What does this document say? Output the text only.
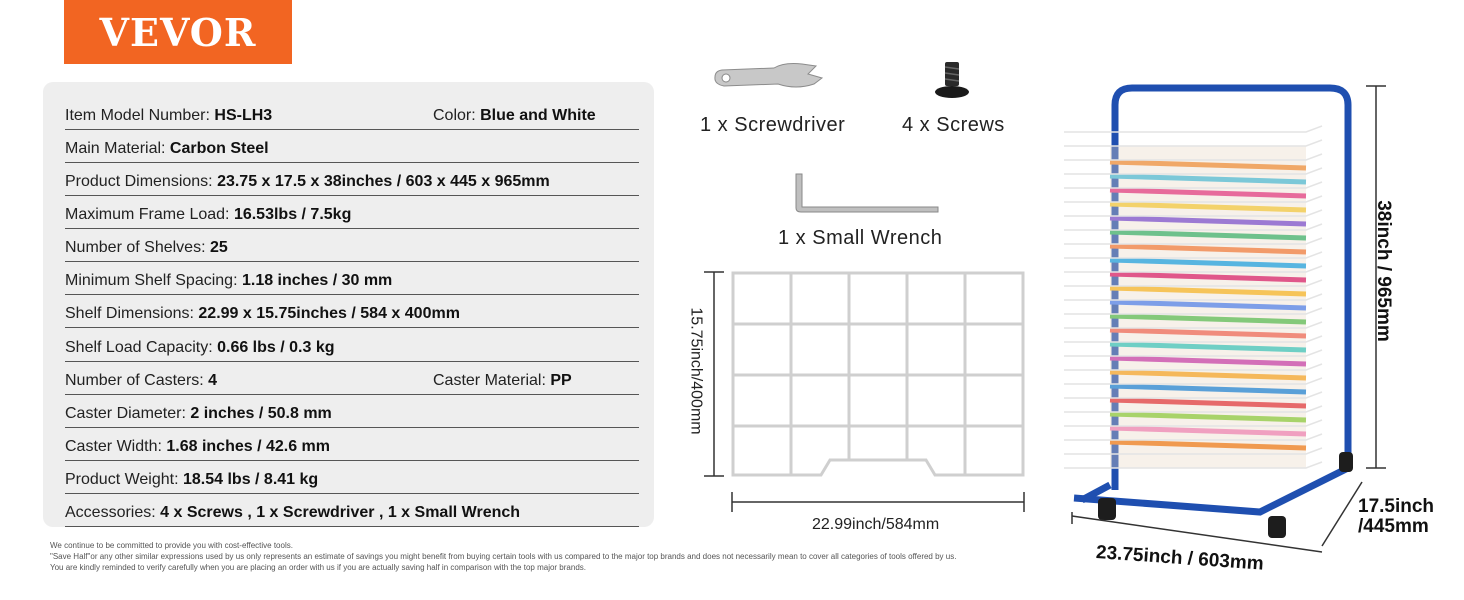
VEVOR
Item Model Number: HS-LH3	Color: Blue and White
Main Material: Carbon Steel
Product Dimensions: 23.75 x 17.5 x 38inches / 603 x 445 x 965mm
Maximum Frame Load: 16.53lbs / 7.5kg
Number of Shelves: 25
Minimum Shelf Spacing: 1.18 inches / 30 mm
Shelf Dimensions: 22.99 x 15.75inches / 584 x 400mm
Shelf Load Capacity: 0.66 lbs / 0.3 kg
Number of Casters: 4	Caster Material: PP
Caster Diameter: 2 inches / 50.8 mm
Caster Width: 1.68 inches / 42.6 mm
Product Weight: 18.54 lbs / 8.41 kg
Accessories: 4 x Screws , 1 x Screwdriver , 1 x Small Wrench
1 x Screwdriver	4 x Screws
1 x Small Wrench
15.75inch/400mm
22.99inch/584mm
38inch / 965mm
17.5inch
/445mm
23.75inch / 603mm
We continue to be committed to provide you with cost-effective tools.
"Save Half"or any other similar expressions used by us only represents an estimate of savings you might benefit from buying certain tools with us compared to the major top brands and does not necessarily mean to cover all categories of tools offered by us.
You are kindly reminded to verify carefully when you are placing an order with us if you are actually saving half in comparison with the top major brands.
